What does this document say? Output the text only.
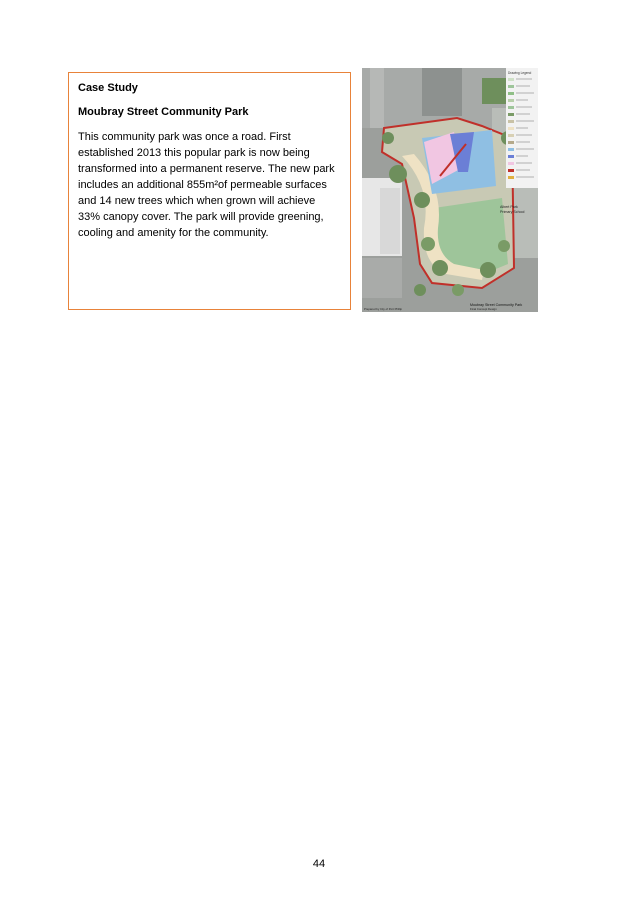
Case Study

Moubray Street Community Park

This community park was once a road. First
established 2013 this popular park is now being
transformed into a permanent reserve. The new park
includes an additional 855m²of permeable surfaces
and 14 new trees which when grown will achieve
33% canopy cover. The park will provide greening,
cooling and amenity for the community.

Drawing Legend
Albert Park
Primary School
Moubray Street Community Park
Final Concept Design
Prepared by City of Port Phillip
44
